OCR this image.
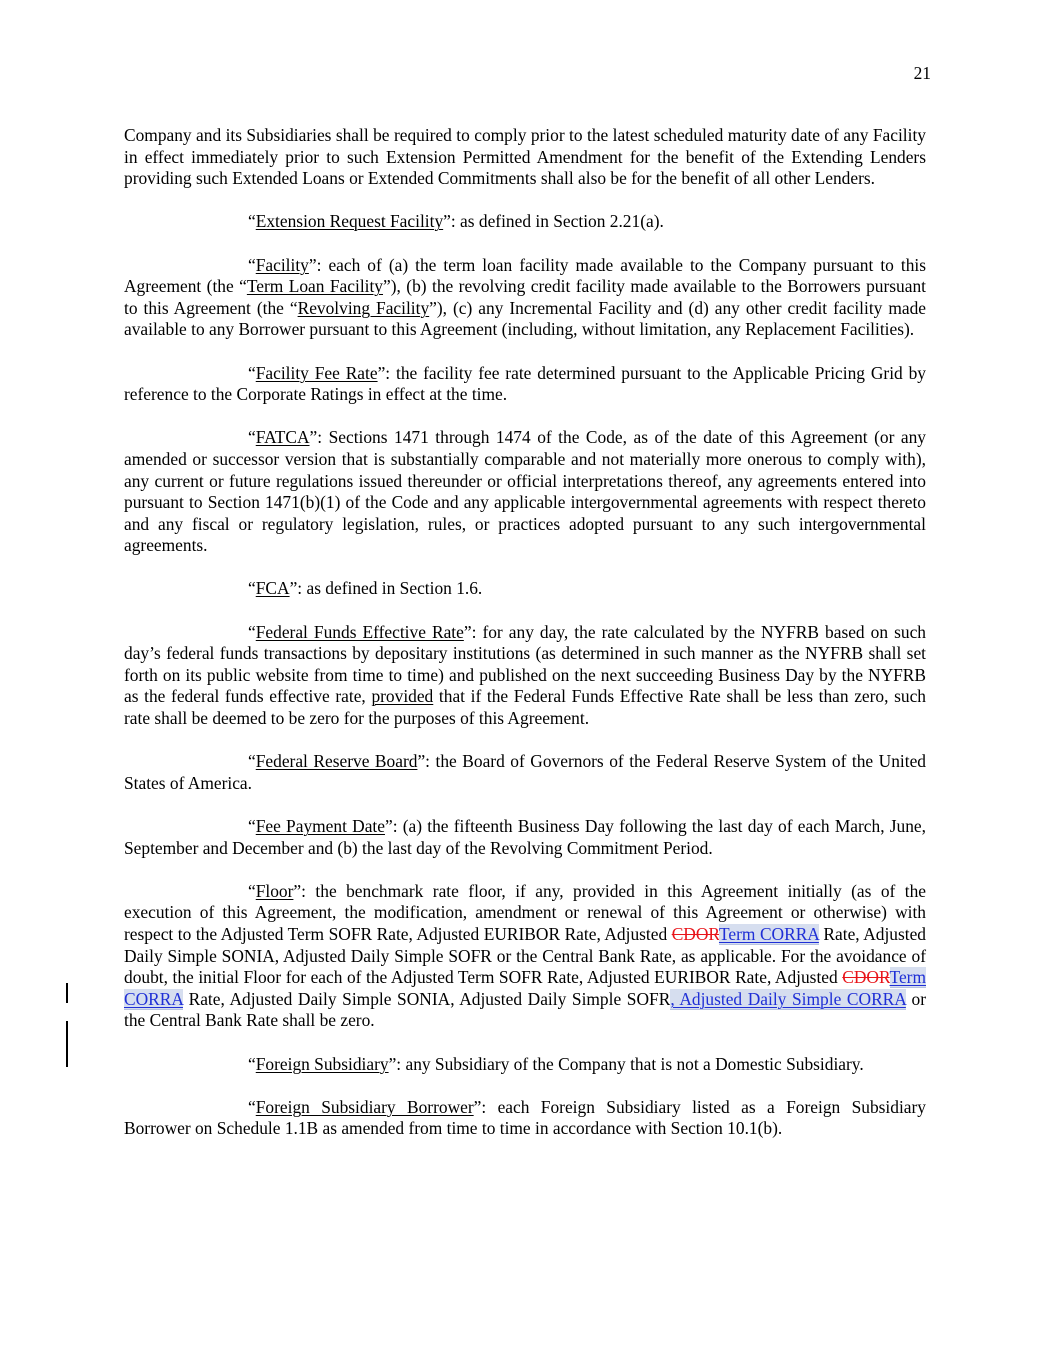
21

Company and its Subsidiaries shall be required to comply prior to the latest scheduled maturity date of any Facility in effect immediately prior to such Extension Permitted Amendment for the benefit of the Extending Lenders providing such Extended Loans or Extended Commitments shall also be for the benefit of all other Lenders.

“Extension Request Facility”: as defined in Section 2.21(a).

“Facility”: each of (a) the term loan facility made available to the Company pursuant to this Agreement (the “Term Loan Facility”), (b) the revolving credit facility made available to the Borrowers pursuant to this Agreement (the “Revolving Facility”), (c) any Incremental Facility and (d) any other credit facility made available to any Borrower pursuant to this Agreement (including, without limitation, any Replacement Facilities).

“Facility Fee Rate”: the facility fee rate determined pursuant to the Applicable Pricing Grid by reference to the Corporate Ratings in effect at the time.

“FATCA”: Sections 1471 through 1474 of the Code, as of the date of this Agreement (or any amended or successor version that is substantially comparable and not materially more onerous to comply with), any current or future regulations issued thereunder or official interpretations thereof, any agreements entered into pursuant to Section 1471(b)(1) of the Code and any applicable intergovernmental agreements with respect thereto and any fiscal or regulatory legislation, rules, or practices adopted pursuant to any such intergovernmental agreements.

“FCA”: as defined in Section 1.6.

“Federal Funds Effective Rate”: for any day, the rate calculated by the NYFRB based on such day’s federal funds transactions by depositary institutions (as determined in such manner as the NYFRB shall set forth on its public website from time to time) and published on the next succeeding Business Day by the NYFRB as the federal funds effective rate, provided that if the Federal Funds Effective Rate shall be less than zero, such rate shall be deemed to be zero for the purposes of this Agreement.

“Federal Reserve Board”: the Board of Governors of the Federal Reserve System of the United States of America.

“Fee Payment Date”: (a) the fifteenth Business Day following the last day of each March, June, September and December and (b) the last day of the Revolving Commitment Period.

“Floor”: the benchmark rate floor, if any, provided in this Agreement initially (as of the execution of this Agreement, the modification, amendment or renewal of this Agreement or otherwise) with respect to the Adjusted Term SOFR Rate, Adjusted EURIBOR Rate, Adjusted CDORTerm CORRA Rate, Adjusted Daily Simple SONIA, Adjusted Daily Simple SOFR or the Central Bank Rate, as applicable. For the avoidance of doubt, the initial Floor for each of the Adjusted Term SOFR Rate, Adjusted EURIBOR Rate, Adjusted CDORTerm CORRA Rate, Adjusted Daily Simple SONIA, Adjusted Daily Simple SOFR, Adjusted Daily Simple CORRA or the Central Bank Rate shall be zero.

“Foreign Subsidiary”: any Subsidiary of the Company that is not a Domestic Subsidiary.

“Foreign Subsidiary Borrower”: each Foreign Subsidiary listed as a Foreign Subsidiary Borrower on Schedule 1.1B as amended from time to time in accordance with Section 10.1(b).
